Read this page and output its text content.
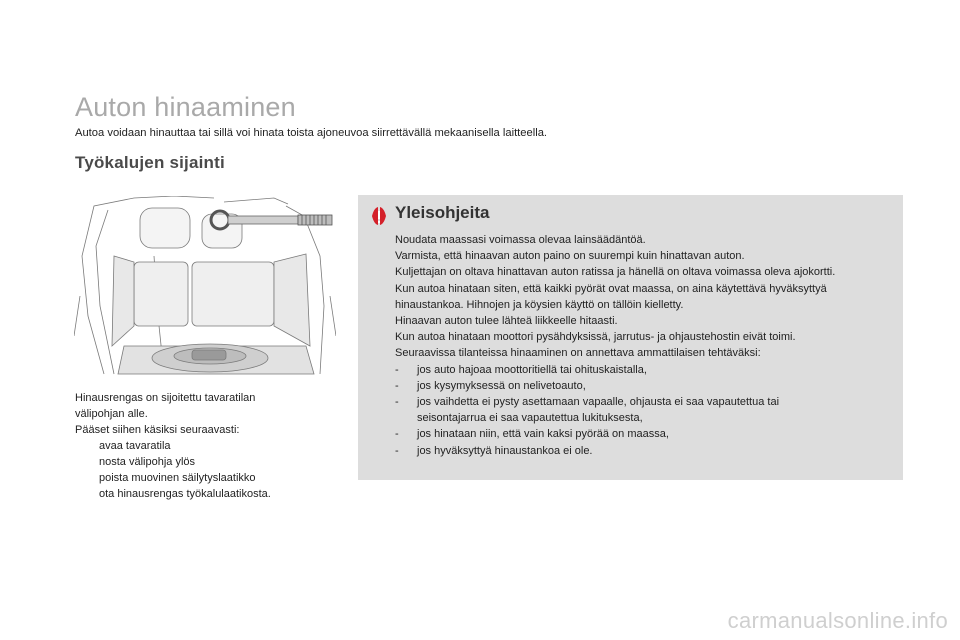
Auton hinaaminen
Autoa voidaan hinauttaa tai sillä voi hinata toista ajoneuvoa siirrettävällä mekaanisella laitteella.
Työkalujen sijainti

Hinausrengas on sijoitettu tavaratilan

välipohjan alle.

Pääset siihen käsiksi seuraavasti:

avaa tavaratila
nosta välipohja ylös
poista muovinen säilytyslaatikko
ota hinausrengas työkalulaatikosta.
Yleisohjeita
Noudata maassasi voimassa olevaa lainsäädäntöä.
Varmista, että hinaavan auton paino on suurempi kuin hinattavan auton.
Kuljettajan on oltava hinattavan auton ratissa ja hänellä on oltava voimassa oleva ajokortti.
Kun autoa hinataan siten, että kaikki pyörät ovat maassa, on aina käytettävä hyväksyttyä
hinaustankoa. Hihnojen ja köysien käyttö on tällöin kielletty.
Hinaavan auton tulee lähteä liikkeelle hitaasti.
Kun autoa hinataan moottori pysähdyksissä, jarrutus- ja ohjaustehostin eivät toimi.
Seuraavissa tilanteissa hinaaminen on annettava ammattilaisen tehtäväksi:
- jos auto hajoaa moottoritiellä tai ohituskaistalla,
- jos kysymyksessä on nelivetoauto,
- jos vaihdetta ei pysty asettamaan vapaalle, ohjausta ei saa vapautettua tai
seisontajarrua ei saa vapautettua lukituksesta,
- jos hinataan niin, että vain kaksi pyörää on maassa,
- jos hyväksyttyä hinaustankoa ei ole.
carmanualsonline.info
